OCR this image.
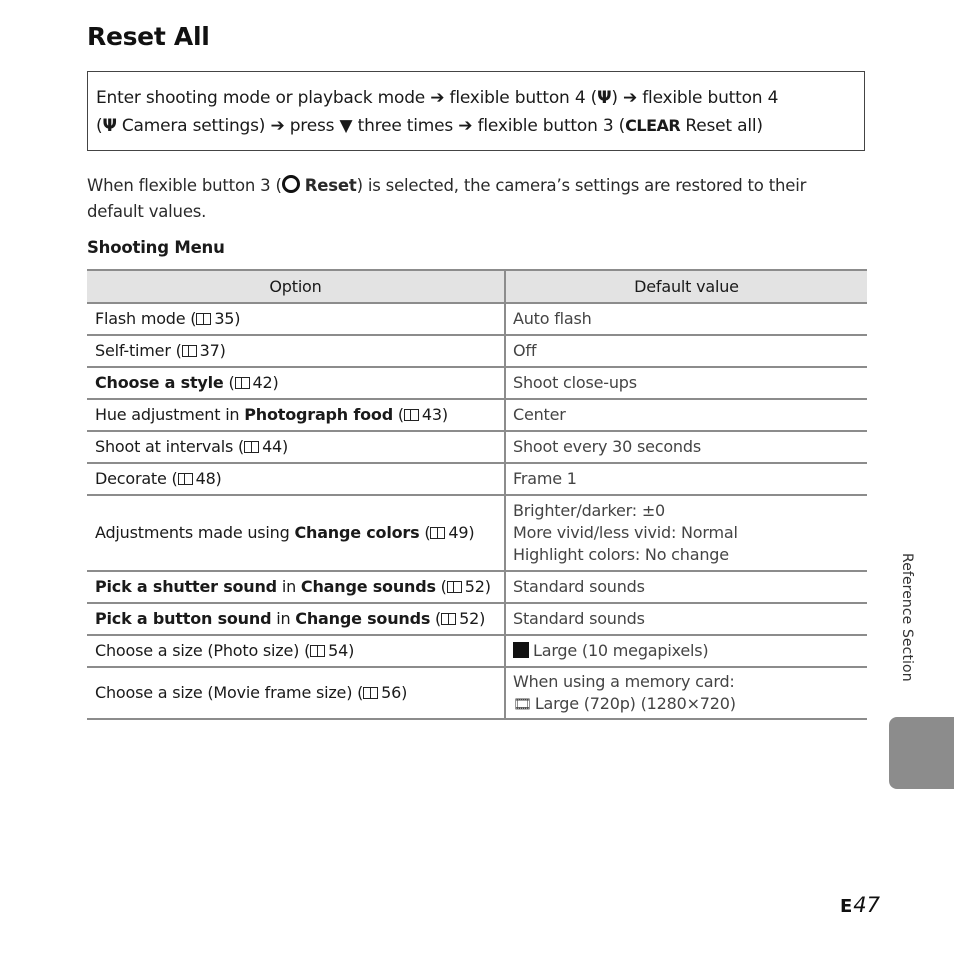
Reset All
Enter shooting mode or playback mode ➔ flexible button 4 (Ψ) ➔ flexible button 4
(Ψ Camera settings) ➔ press ▼ three times ➔ flexible button 3 (CLEAR Reset all)
When flexible button 3 ( Reset) is selected, the camera’s settings are restored to their default values.
Shooting Menu
Option	Default value
Flash mode ( 35)	Auto flash
Self-timer ( 37)	Off
Choose a style ( 42)	Shoot close-ups
Hue adjustment in Photograph food ( 43)	Center
Shoot at intervals ( 44)	Shoot every 30 seconds
Decorate ( 48)	Frame 1
Adjustments made using Change colors ( 49)	Brighter/darker: ±0
More vivid/less vivid: Normal
Highlight colors: No change

Pick a shutter sound in Change sounds ( 52)	Standard sounds
Pick a button sound in Change sounds ( 52)	Standard sounds
Choose a size (Photo size) ( 54)	Large (10 megapixels)
Choose a size (Movie frame size) ( 56)	When using a memory card:
🎞 Large (720p) (1280×720)
Reference Section
E47
